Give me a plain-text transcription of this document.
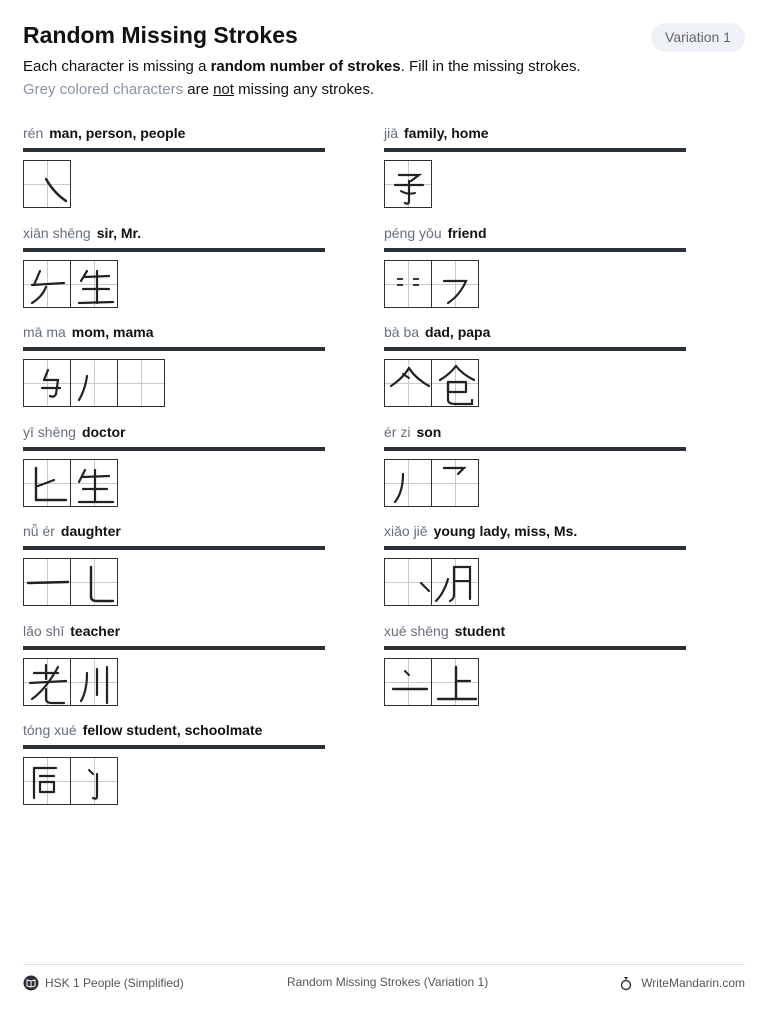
Random Missing Strokes	Variation 1
Each character is missing a random number of strokes. Fill in the missing strokes.
Grey colored characters are not missing any strokes.
rén man, person, people
xiān shēng sir, Mr.
mā ma mom, mama
yī shēng doctor
nǚ ér daughter
lǎo shī teacher
tóng xué fellow student, schoolmate
jiā family, home
péng yǒu friend
bà ba dad, papa
ér zi son
xiǎo jiě young lady, miss, Ms.
xué shēng student
HSK 1 People (Simplified)	Random Missing Strokes (Variation 1)	WriteMandarin.com
